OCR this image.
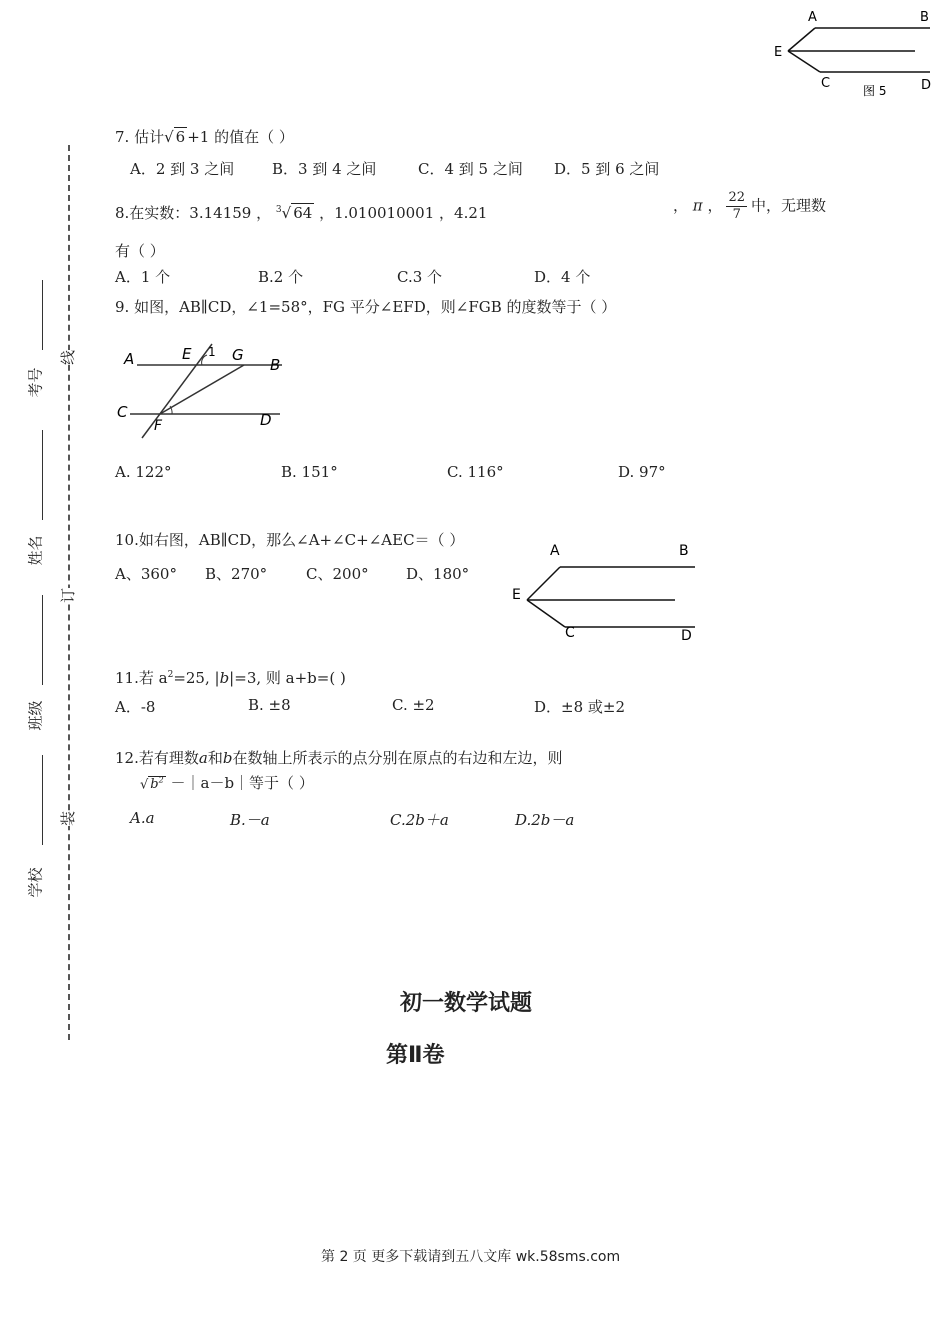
A	B
E
C	D
图 5
考号
姓名
班级
学校
线
订
装
7. 估计√ 6 +1 的值在（ ）
A．2 到 3 之间	B．3 到 4 之间	C．4 到 5 之间 D．5 到 6 之间
8.在实数：3.14159 ， $^3$√ 64 ，1.010010001 ，4.21	， π ， $\frac{22}{7}$ 中，无理数
有（ ）
A．1 个	B.2 个	C.3 个	D．4 个
9. 如图，AB∥CD，∠1=58°，FG 平分∠EFD，则∠FGB 的度数等于（ ）
A	E 1 G
B
C
F	D
A. 122°	B. 151°	C. 116°	D. 97°
10.如右图，AB∥CD，那么∠A+∠C+∠AEC＝（ ）
A、360° B、270°	C、200° D、180°
A	B
E
C	D
11.若 $a^2=25$, |b|=3, 则 a+b=( )
A．-8	B. ±8	C. ±2	D．±8 或±2
12.若有理数a和b在数轴上所表示的点分别在原点的右边和左边，则
√ $b^2$ －｜a－b｜等于（ ）
A.a	B.－a	C.2b＋a	D.2b－a
初一数学试题
第Ⅱ卷
第 2 页 更多下载请到五八文库 wk.58sms.com
